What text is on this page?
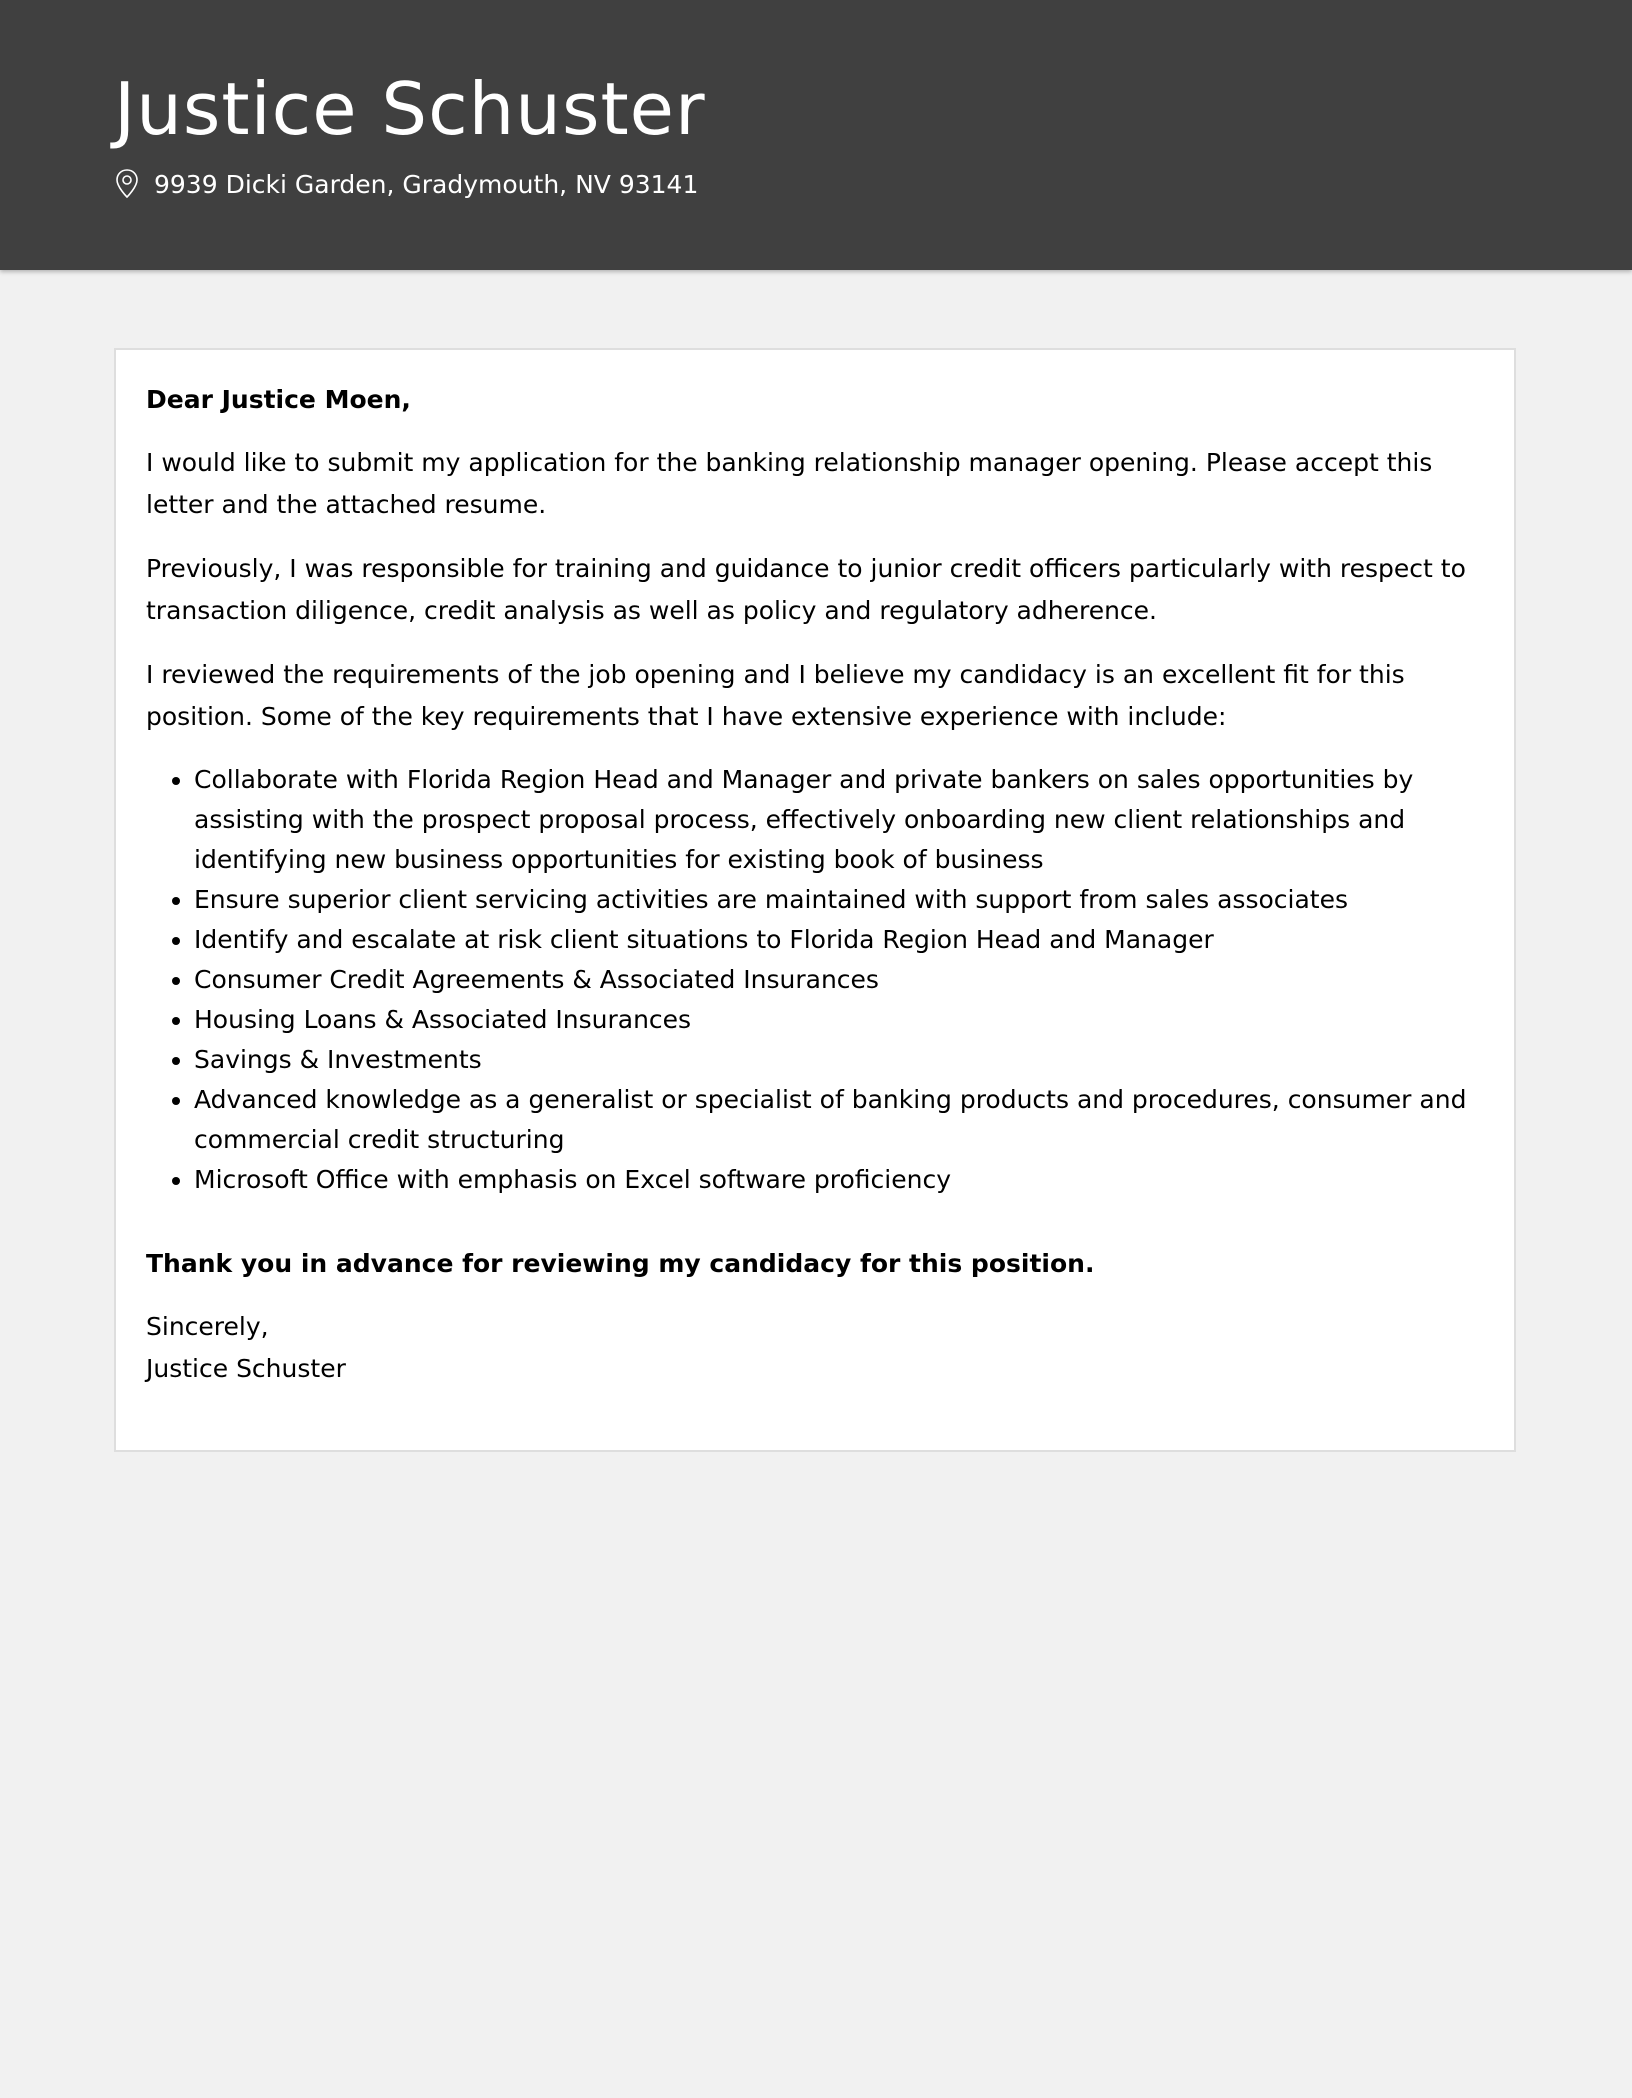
Justice Schuster
9939 Dicki Garden, Gradymouth, NV 93141

Dear Justice Moen,

I would like to submit my application for the banking relationship manager opening. Please accept this letter and the attached resume.

Previously, I was responsible for training and guidance to junior credit officers particularly with respect to transaction diligence, credit analysis as well as policy and regulatory adherence.

I reviewed the requirements of the job opening and I believe my candidacy is an excellent fit for this position. Some of the key requirements that I have extensive experience with include:

• Collaborate with Florida Region Head and Manager and private bankers on sales opportunities by assisting with the prospect proposal process, effectively onboarding new client relationships and identifying new business opportunities for existing book of business
• Ensure superior client servicing activities are maintained with support from sales associates
• Identify and escalate at risk client situations to Florida Region Head and Manager
• Consumer Credit Agreements & Associated Insurances
• Housing Loans & Associated Insurances
• Savings & Investments
• Advanced knowledge as a generalist or specialist of banking products and procedures, consumer and commercial credit structuring
• Microsoft Office with emphasis on Excel software proficiency

Thank you in advance for reviewing my candidacy for this position.

Sincerely,

Justice Schuster
